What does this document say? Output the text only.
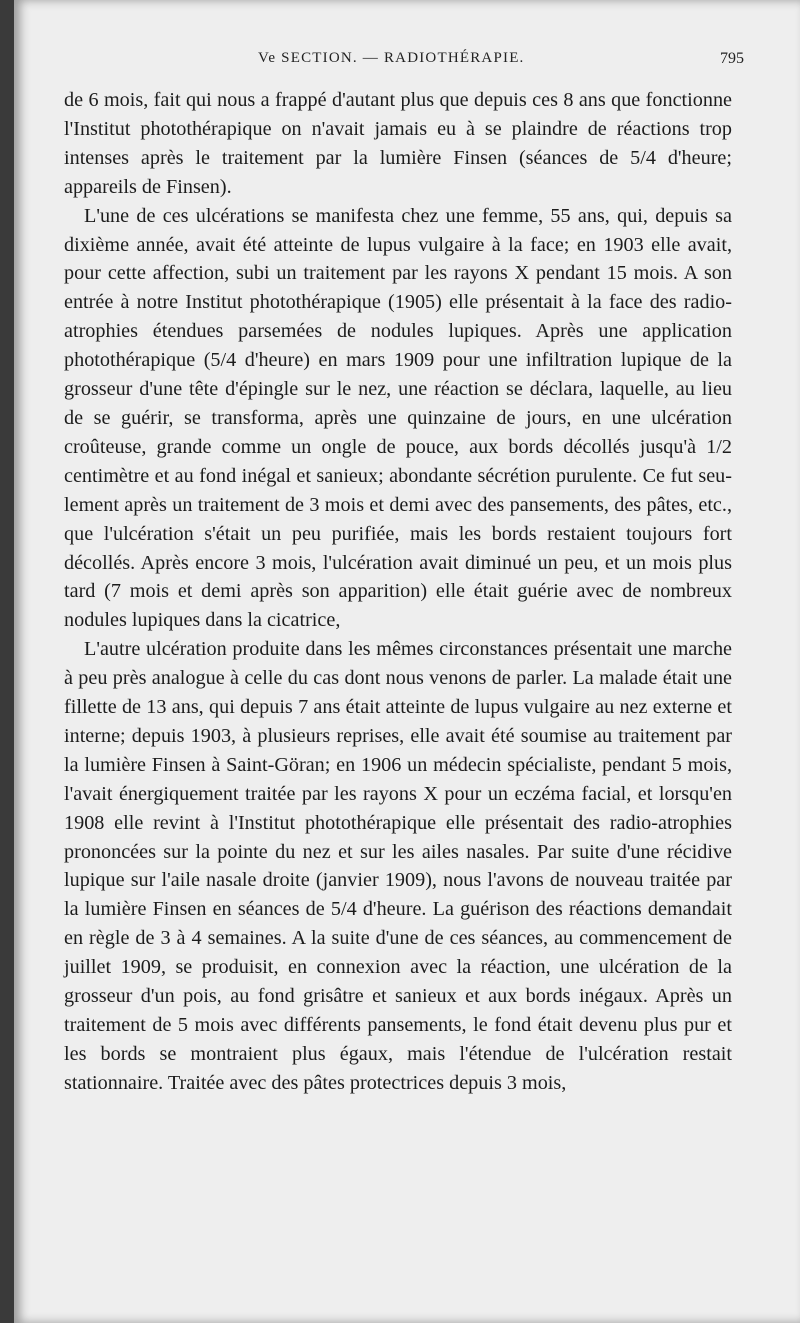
Ve SECTION. — RADIOTHÉRAPIE.	795

de 6 mois, fait qui nous a frappé d'autant plus que depuis ces 8 ans que fonctionne l'Institut photothérapique on n'avait jamais eu à se plaindre de réactions trop intenses après le traitement par la lumière Finsen (séances de 5/4 d'heure; appareils de Finsen).

L'une de ces ulcérations se manifesta chez une femme, 55 ans, qui, depuis sa dixième année, avait été atteinte de lupus vulgaire à la face; en 1903 elle avait, pour cette affection, subi un traitement par les rayons X pendant 15 mois. A son entrée à notre Institut photothérapique (1905) elle présentait à la face des radio-atrophies étendues parsemées de nodules lupiques. Après une application photothérapique (5/4 d'heure) en mars 1909 pour une infiltration lupique de la grosseur d'une tête d'épingle sur le nez, une réaction se déclara, laquelle, au lieu de se guérir, se transforma, après une quinzaine de jours, en une ulcération croûteuse, grande comme un ongle de pouce, aux bords décollés jusqu'à 1/2 centimètre et au fond inégal et sanieux; abondante sécrétion purulente. Ce fut seulement après un traitement de 3 mois et demi avec des pansements, des pâtes, etc., que l'ulcération s'était un peu purifiée, mais les bords restaient toujours fort décollés. Après encore 3 mois, l'ulcération avait diminué un peu, et un mois plus tard (7 mois et demi après son apparition) elle était guérie avec de nombreux nodules lupiques dans la cicatrice,

L'autre ulcération produite dans les mêmes circonstances présentait une marche à peu près analogue à celle du cas dont nous venons de parler. La malade était une fillette de 13 ans, qui depuis 7 ans était atteinte de lupus vulgaire au nez externe et interne; depuis 1903, à plusieurs reprises, elle avait été soumise au traitement par la lumière Finsen à Saint-Göran; en 1906 un médecin spécialiste, pendant 5 mois, l'avait énergiquement traitée par les rayons X pour un eczéma facial, et lorsqu'en 1908 elle revint à l'Institut photothérapique elle présentait des radio-atrophies prononcées sur la pointe du nez et sur les ailes nasales. Par suite d'une récidive lupique sur l'aile nasale droite (janvier 1909), nous l'avons de nouveau traitée par la lumière Finsen en séances de 5/4 d'heure. La guérison des réactions demandait en règle de 3 à 4 semaines. A la suite d'une de ces séances, au commencement de juillet 1909, se produisit, en connexion avec la réaction, une ulcération de la grosseur d'un pois, au fond grisâtre et sanieux et aux bords inégaux. Après un traitement de 5 mois avec différents pansements, le fond était devenu plus pur et les bords se montraient plus égaux, mais l'étendue de l'ulcération restait stationnaire. Traitée avec des pâtes protectrices depuis 3 mois,
